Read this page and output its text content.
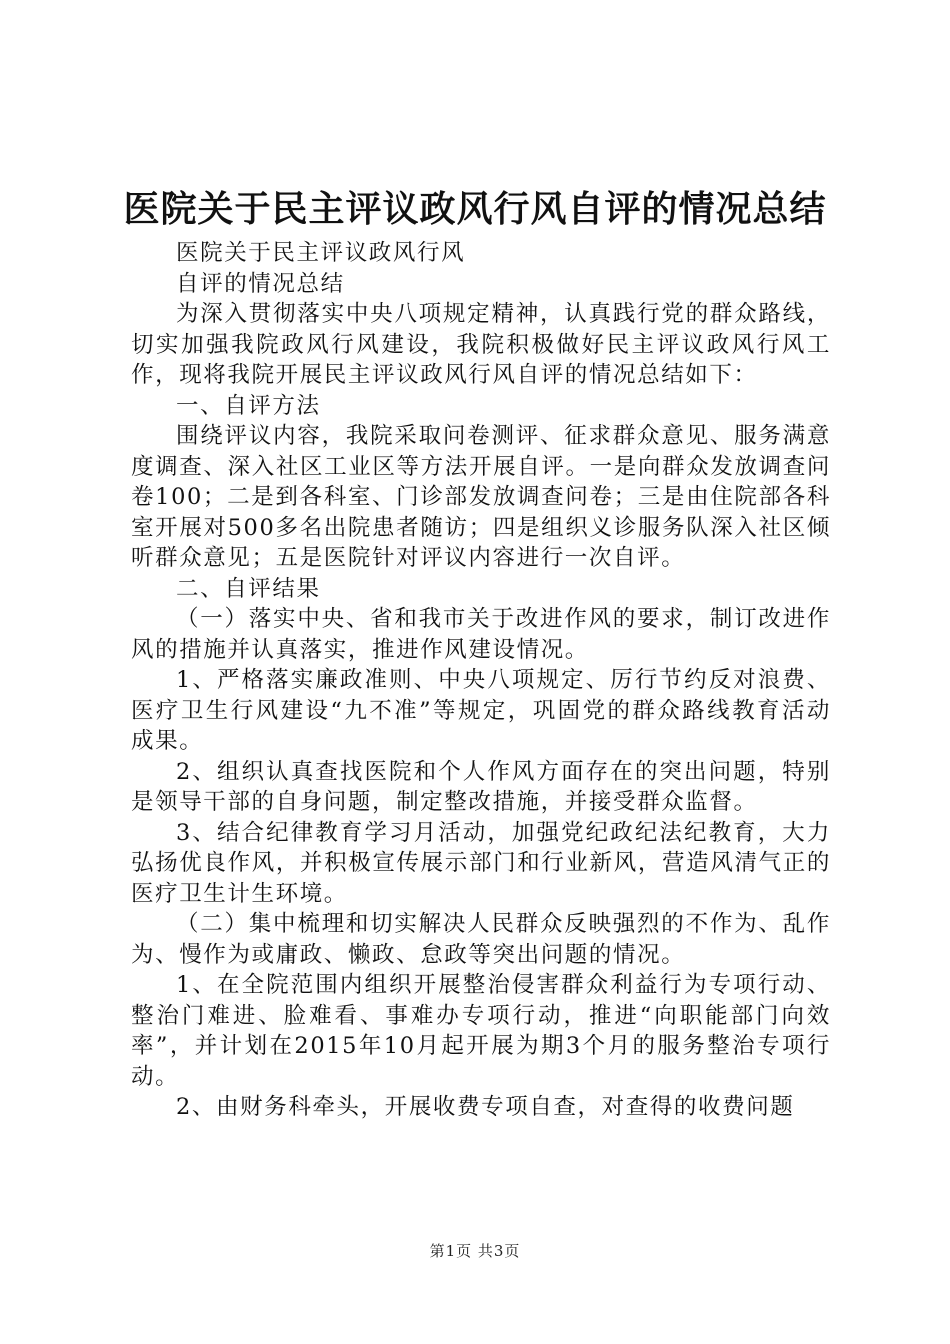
医院关于民主评议政风行风自评的情况总结

医院关于民主评议政风行风

自评的情况总结

为深入贯彻落实中央八项规定精神，认真践行党的群众路线，切实加强我院政风行风建设，我院积极做好民主评议政风行风工作，现将我院开展民主评议政风行风自评的情况总结如下：

一、自评方法

围绕评议内容，我院采取问卷测评、征求群众意见、服务满意度调查、深入社区工业区等方法开展自评。一是向群众发放调查问卷100；二是到各科室、门诊部发放调查问卷；三是由住院部各科室开展对500多名出院患者随访；四是组织义诊服务队深入社区倾听群众意见；五是医院针对评议内容进行一次自评。

二、自评结果

（一）落实中央、省和我市关于改进作风的要求，制订改进作风的措施并认真落实，推进作风建设情况。

1、严格落实廉政准则、中央八项规定、厉行节约反对浪费、医疗卫生行风建设“九不准”等规定，巩固党的群众路线教育活动成果。

2、组织认真查找医院和个人作风方面存在的突出问题，特别是领导干部的自身问题，制定整改措施，并接受群众监督。

3、结合纪律教育学习月活动，加强党纪政纪法纪教育，大力弘扬优良作风，并积极宣传展示部门和行业新风，营造风清气正的医疗卫生计生环境。

（二）集中梳理和切实解决人民群众反映强烈的不作为、乱作为、慢作为或庸政、懒政、怠政等突出问题的情况。

1、在全院范围内组织开展整治侵害群众利益行为专项行动、整治门难进、脸难看、事难办专项行动，推进“向职能部门向效率”，并计划在2015年10月起开展为期3个月的服务整治专项行动。

2、由财务科牵头，开展收费专项自查，对查得的收费问题

第1页 共3页
